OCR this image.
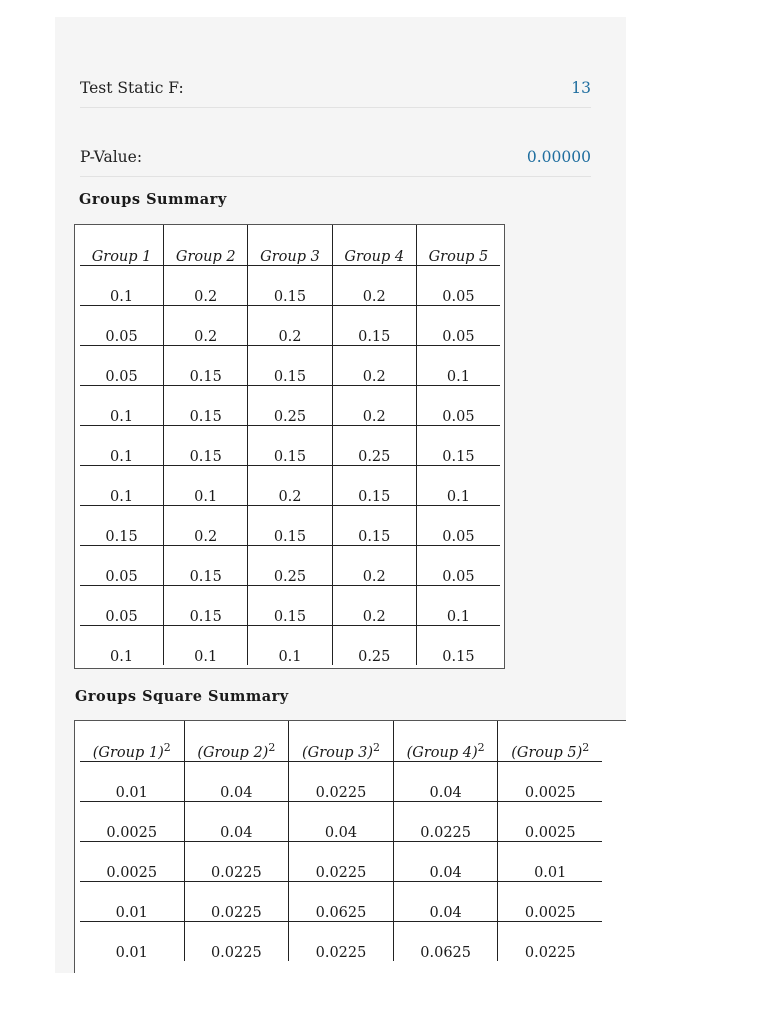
Test Static F:	13
P-Value:	0.00000
Groups Summary
Group 1	Group 2	Group 3	Group 4	Group 5
0.1	0.2	0.15	0.2	0.05
0.05	0.2	0.2	0.15	0.05
0.05	0.15	0.15	0.2	0.1
0.1	0.15	0.25	0.2	0.05
0.1	0.15	0.15	0.25	0.15
0.1	0.1	0.2	0.15	0.1
0.15	0.2	0.15	0.15	0.05
0.05	0.15	0.25	0.2	0.05
0.05	0.15	0.15	0.2	0.1
0.1	0.1	0.1	0.25	0.15
Groups Square Summary
(Group 1)$^2$	(Group 2)$^2$	(Group 3)$^2$	(Group 4)$^2$	(Group 5)$^2$
0.01	0.04	0.0225	0.04	0.0025
0.0025	0.04	0.04	0.0225	0.0025
0.0025	0.0225	0.0225	0.04	0.01
0.01	0.0225	0.0625	0.04	0.0025
0.01	0.0225	0.0225	0.0625	0.0225
